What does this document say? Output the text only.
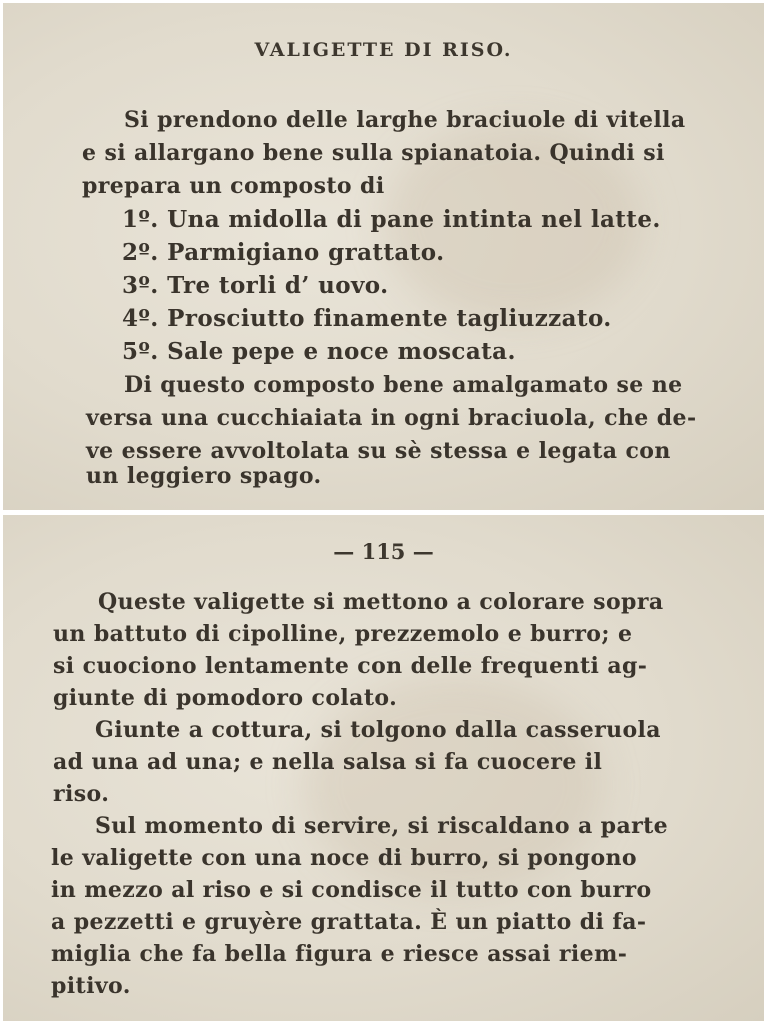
VALIGETTE DI RISO.
Si prendono delle larghe braciuole di vitella
e si allargano bene sulla spianatoia. Quindi si
prepara un composto di
1º. Una midolla di pane intinta nel latte.
2º. Parmigiano grattato.
3º. Tre torli d’ uovo.
4º. Prosciutto finamente tagliuzzato.
5º. Sale pepe e noce moscata.
Di questo composto bene amalgamato se ne
versa una cucchiaiata in ogni braciuola, che de-
ve essere avvoltolata su sè stessa e legata con
un leggiero spago.
— 115 —
Queste valigette si mettono a colorare sopra
un battuto di cipolline, prezzemolo e burro; e
si cuociono lentamente con delle frequenti ag-
giunte di pomodoro colato.
Giunte a cottura, si tolgono dalla casseruola
ad una ad una; e nella salsa si fa cuocere il
riso.
Sul momento di servire, si riscaldano a parte
le valigette con una noce di burro, si pongono
in mezzo al riso e si condisce il tutto con burro
a pezzetti e gruyère grattata. È un piatto di fa-
miglia che fa bella figura e riesce assai riem-
pitivo.
